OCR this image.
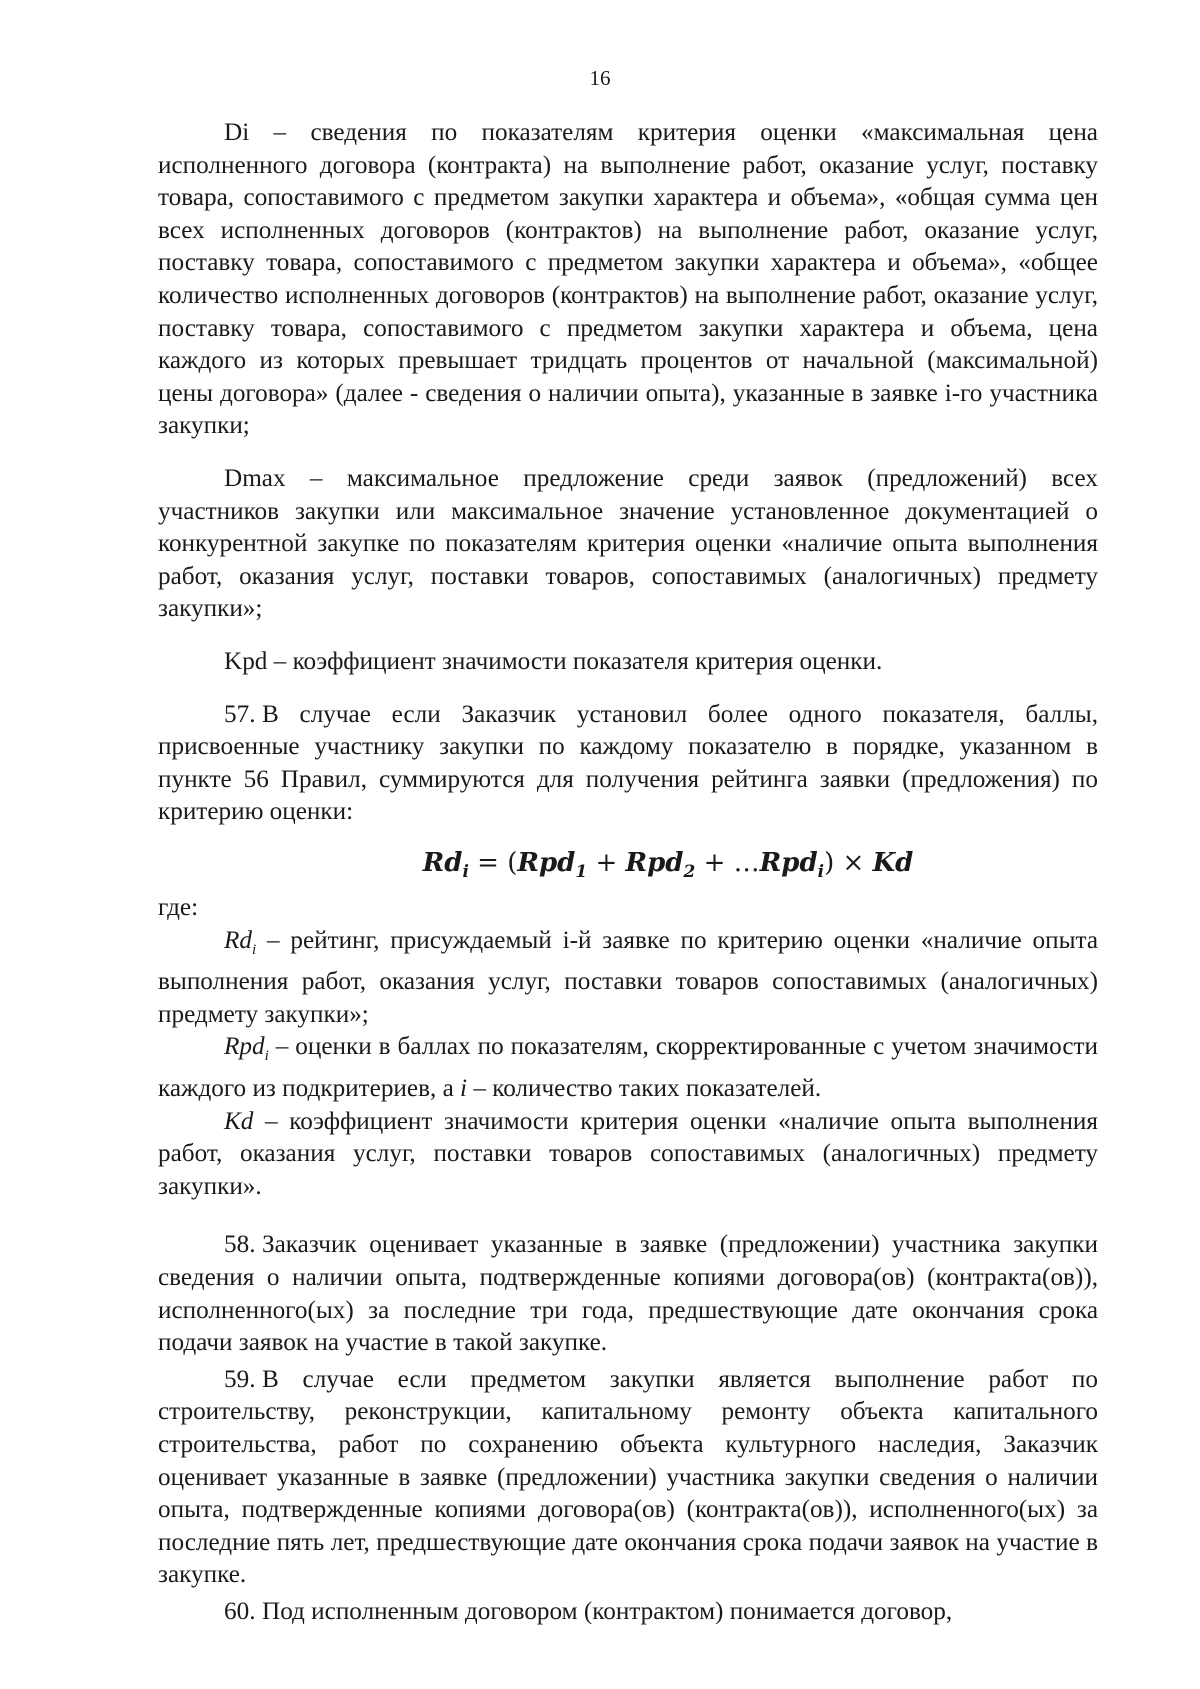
16

Di – сведения по показателям критерия оценки «максимальная цена исполненного договора (контракта) на выполнение работ, оказание услуг, поставку товара, сопоставимого с предметом закупки характера и объема», «общая сумма цен всех исполненных договоров (контрактов) на выполнение работ, оказание услуг, поставку товара, сопоставимого с предметом закупки характера и объема», «общее количество исполненных договоров (контрактов) на выполнение работ, оказание услуг, поставку товара, сопоставимого с предметом закупки характера и объема, цена каждого из которых превышает тридцать процентов от начальной (максимальной) цены договора» (далее - сведения о наличии опыта), указанные в заявке i-го участника закупки;

Dmax – максимальное предложение среди заявок (предложений) всех участников закупки или максимальное значение установленное документацией о конкурентной закупке по показателям критерия оценки «наличие опыта выполнения работ, оказания услуг, поставки товаров, сопоставимых (аналогичных) предмету закупки»;

Kpd – коэффициент значимости показателя критерия оценки.

57. В случае если Заказчик установил более одного показателя, баллы, присвоенные участнику закупки по каждому показателю в порядке, указанном в пункте 56 Правил, суммируются для получения рейтинга заявки (предложения) по критерию оценки:

$Rd_i = (Rpd_1 + Rpd_2$ + …Rpd$_i$) × Kd

где:

$Rd_i$ – рейтинг, присуждаемый i-й заявке по критерию оценки «наличие опыта выполнения работ, оказания услуг, поставки товаров сопоставимых (аналогичных) предмету закупки»;

Rpd$_i$ – оценки в баллах по показателям, скорректированные с учетом значимости каждого из подкритериев, а i – количество таких показателей.

Kd – коэффициент значимости критерия оценки «наличие опыта выполнения работ, оказания услуг, поставки товаров сопоставимых (аналогичных) предмету закупки».

58. Заказчик оценивает указанные в заявке (предложении) участника закупки сведения о наличии опыта, подтвержденные копиями договора(ов) (контракта(ов)), исполненного(ых) за последние три года, предшествующие дате окончания срока подачи заявок на участие в такой закупке.

59. В случае если предметом закупки является выполнение работ по строительству, реконструкции, капитальному ремонту объекта капитального строительства, работ по сохранению объекта культурного наследия, Заказчик оценивает указанные в заявке (предложении) участника закупки сведения о наличии опыта, подтвержденные копиями договора(ов) (контракта(ов)), исполненного(ых) за последние пять лет, предшествующие дате окончания срока подачи заявок на участие в закупке.

60. Под исполненным договором (контрактом) понимается договор,
